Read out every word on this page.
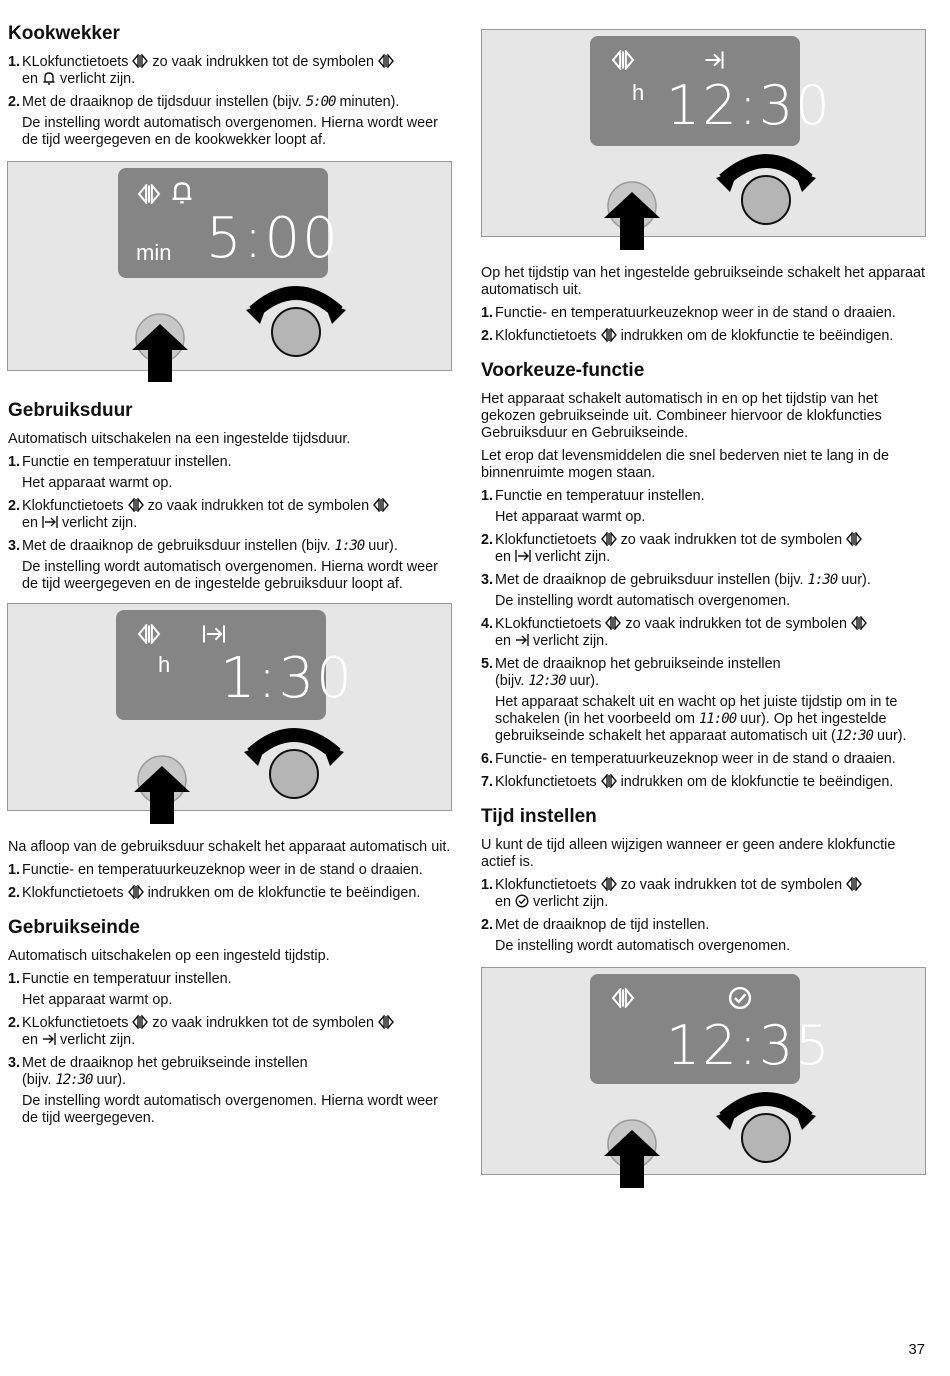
Kookwekker
1. KLokfunctietoets zo vaak indrukken tot de symbolen
en verlicht zijn.
2. Met de draaiknop de tijdsduur instellen (bijv. 5:00 minuten).
De instelling wordt automatisch overgenomen. Hierna wordt weer de tijd weergegeven en de kookwekker loopt af.
min 5:00
Gebruiksduur

Automatisch uitschakelen na een ingestelde tijdsduur.

1. Functie en temperatuur instellen.
Het apparaat warmt op.
2. Klokfunctietoets zo vaak indrukken tot de symbolen
en verlicht zijn.
3. Met de draaiknop de gebruiksduur instellen (bijv. 1:30 uur).
De instelling wordt automatisch overgenomen. Hierna wordt weer de tijd weergegeven en de ingestelde gebruiksduur loopt af.
h 1:30

Na afloop van de gebruiksduur schakelt het apparaat automatisch uit.

1. Functie- en temperatuurkeuzeknop weer in de stand o draaien.
2. Klokfunctietoets indrukken om de klokfunctie te beëindigen.
Gebruikseinde

Automatisch uitschakelen op een ingesteld tijdstip.

1. Functie en temperatuur instellen.
Het apparaat warmt op.
2. KLokfunctietoets zo vaak indrukken tot de symbolen
en verlicht zijn.
3. Met de draaiknop het gebruikseinde instellen
(bijv. 12:30 uur).
De instelling wordt automatisch overgenomen. Hierna wordt weer de tijd weergegeven.
h 12:30

Op het tijdstip van het ingestelde gebruikseinde schakelt het apparaat automatisch uit.

1. Functie- en temperatuurkeuzeknop weer in de stand o draaien.
2. Klokfunctietoets indrukken om de klokfunctie te beëindigen.
Voorkeuze-functie

Het apparaat schakelt automatisch in en op het tijdstip van het gekozen gebruikseinde uit. Combineer hiervoor de klokfuncties Gebruiksduur en Gebruikseinde.

Let erop dat levensmiddelen die snel bederven niet te lang in de binnenruimte mogen staan.

1. Functie en temperatuur instellen.
Het apparaat warmt op.
2. Klokfunctietoets zo vaak indrukken tot de symbolen
en verlicht zijn.
3. Met de draaiknop de gebruiksduur instellen (bijv. 1:30 uur).
De instelling wordt automatisch overgenomen.
4. KLokfunctietoets zo vaak indrukken tot de symbolen
en verlicht zijn.
5. Met de draaiknop het gebruikseinde instellen
(bijv. 12:30 uur).
Het apparaat schakelt uit en wacht op het juiste tijdstip om in te schakelen (in het voorbeeld om 11:00 uur). Op het ingestelde gebruikseinde schakelt het apparaat automatisch uit (12:30 uur).
6. Functie- en temperatuurkeuzeknop weer in de stand o draaien.
7. Klokfunctietoets indrukken om de klokfunctie te beëindigen.
Tijd instellen

U kunt de tijd alleen wijzigen wanneer er geen andere klokfunctie actief is.

1. Klokfunctietoets zo vaak indrukken tot de symbolen
en verlicht zijn.
2. Met de draaiknop de tijd instellen.
De instelling wordt automatisch overgenomen.
12:35
37
